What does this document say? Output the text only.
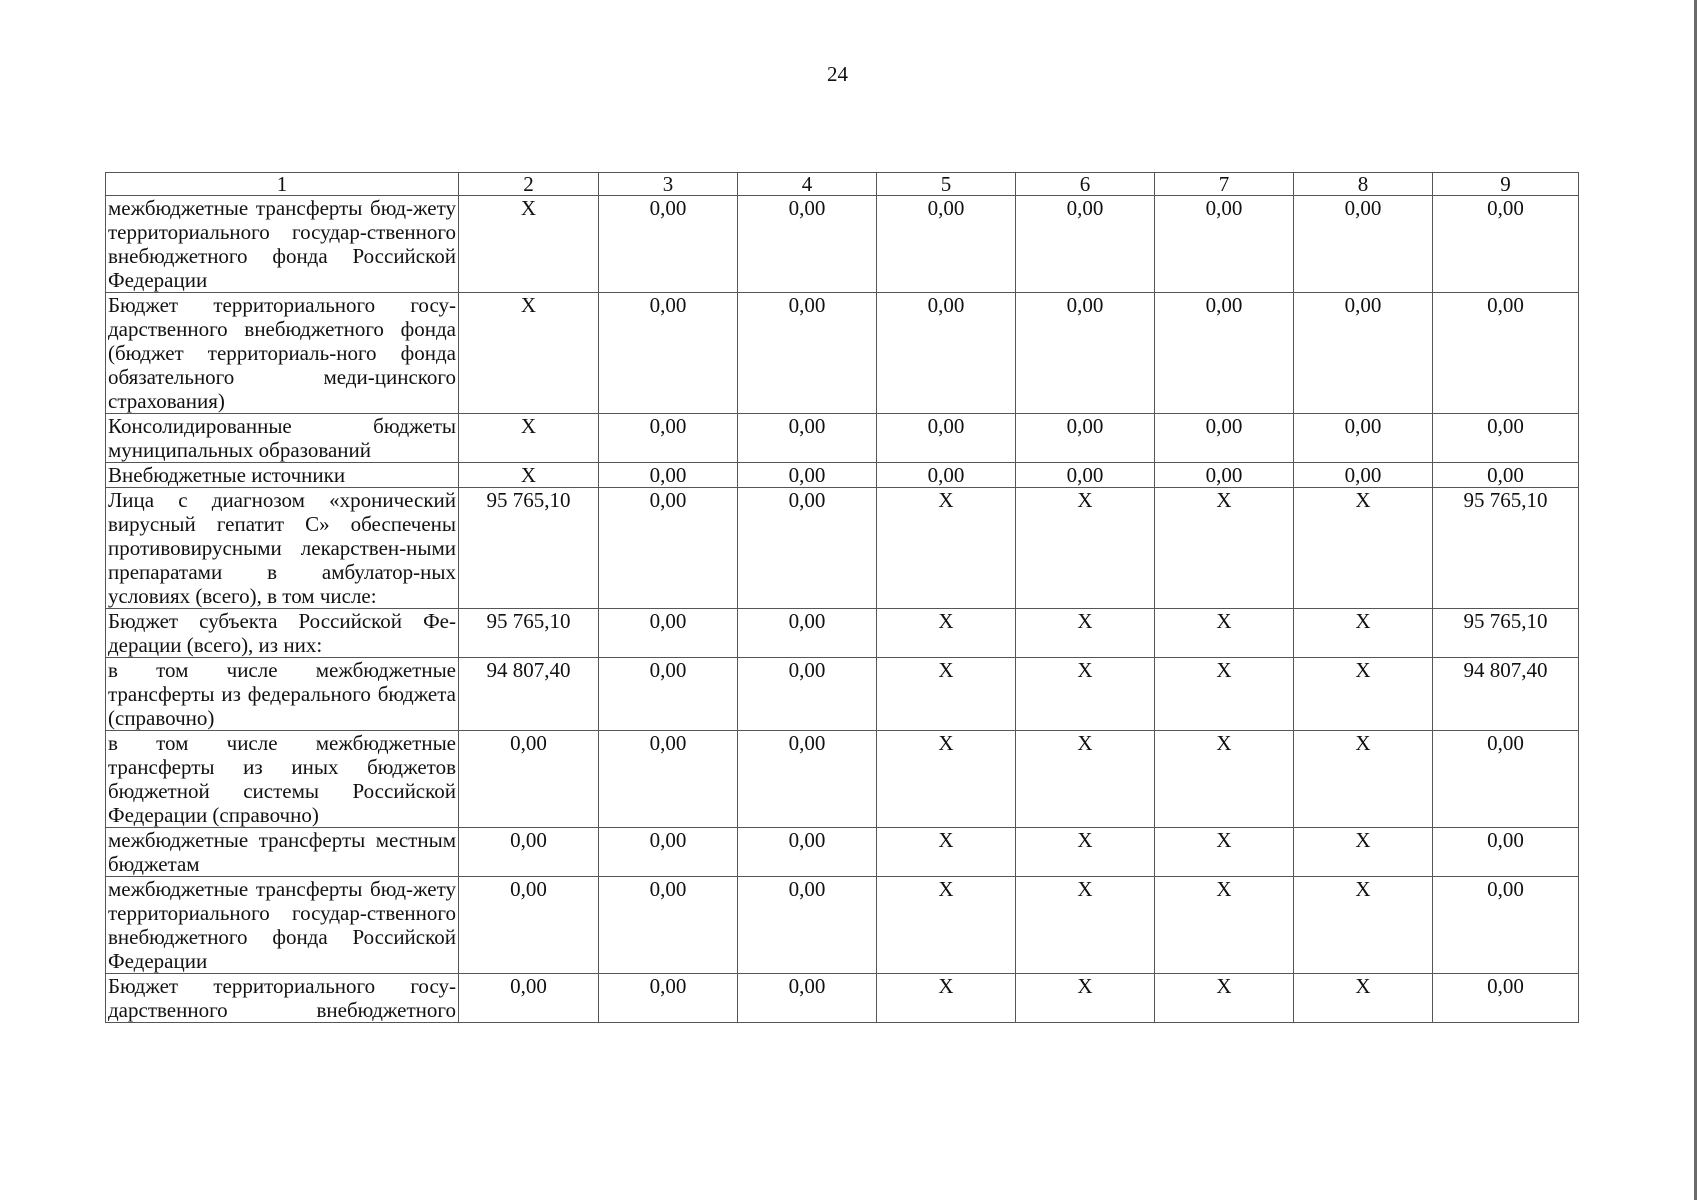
24
1	2	3	4	5	6	7	8	9
межбюджетные трансферты бюд-жету территориального государ-ственного внебюджетного фонда Российской Федерации	X	0,00	0,00	0,00	0,00	0,00	0,00	0,00
Бюджет территориального госу-дарственного внебюджетного фонда (бюджет территориаль-ного фонда обязательного меди-цинского страхования)	X	0,00	0,00	0,00	0,00	0,00	0,00	0,00
Консолидированные бюджеты муниципальных образований	X	0,00	0,00	0,00	0,00	0,00	0,00	0,00
Внебюджетные источники	X	0,00	0,00	0,00	0,00	0,00	0,00	0,00
Лица с диагнозом «хронический вирусный гепатит С» обеспечены противовирусными лекарствен-ными препаратами в амбулатор-ных условиях (всего), в том числе:	95 765,10	0,00	0,00	X	X	X	X	95 765,10
Бюджет субъекта Российской Фе-дерации (всего), из них:	95 765,10	0,00	0,00	X	X	X	X	95 765,10
в том числе межбюджетные трансферты из федерального бюджета (справочно)	94 807,40	0,00	0,00	X	X	X	X	94 807,40
в том числе межбюджетные трансферты из иных бюджетов бюджетной системы Российской Федерации (справочно)	0,00	0,00	0,00	X	X	X	X	0,00
межбюджетные трансферты местным бюджетам	0,00	0,00	0,00	X	X	X	X	0,00
межбюджетные трансферты бюд-жету территориального государ-ственного внебюджетного фонда Российской Федерации	0,00	0,00	0,00	X	X	X	X	0,00
Бюджет территориального госу-дарственного внебюджетного	0,00	0,00	0,00	X	X	X	X	0,00
